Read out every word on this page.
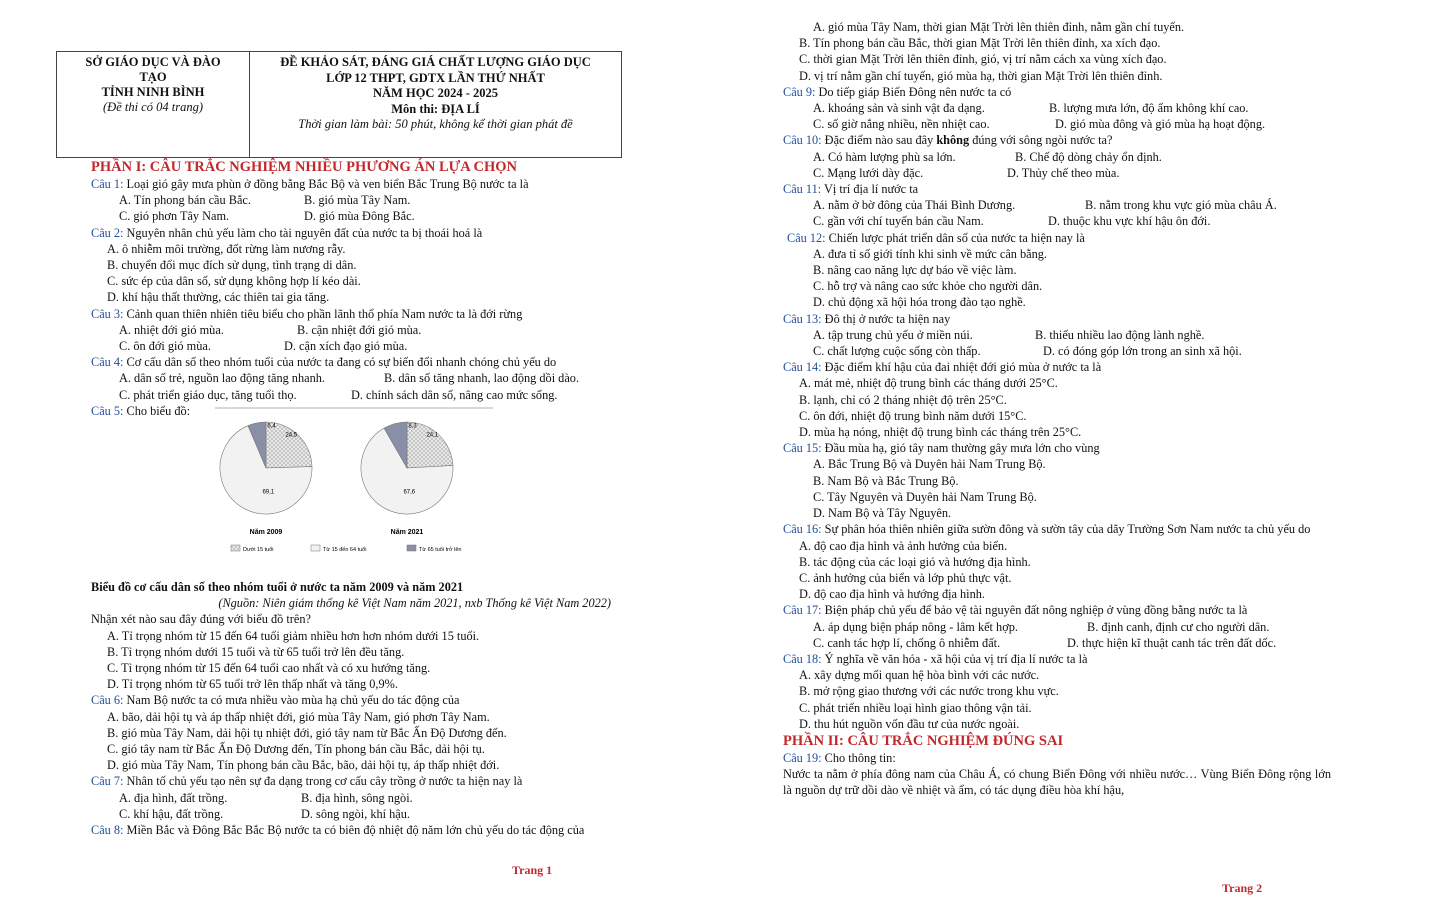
SỞ GIÁO DỤC VÀ ĐÀO
TẠO
TỈNH NINH BÌNH
(Đề thi có 04 trang)
ĐỀ KHẢO SÁT, ĐÁNG GIÁ CHẤT LƯỢNG GIÁO DỤC
LỚP 12 THPT, GDTX LẦN THỨ NHẤT
NĂM HỌC 2024 - 2025
Môn thi: ĐỊA LÍ
Thời gian làm bài: 50 phút, không kể thời gian phát đề
PHẦN I: CÂU TRẮC NGHIỆM NHIỀU PHƯƠNG ÁN LỰA CHỌN
Câu 1: Loại gió gây mưa phùn ở đồng bằng Bắc Bộ và ven biển Bắc Trung Bộ nước ta là
A. Tín phong bán cầu Bắc.	B. gió mùa Tây Nam.
C. gió phơn Tây Nam.	D. gió mùa Đông Bắc.
Câu 2: Nguyên nhân chủ yếu làm cho tài nguyên đất của nước ta bị thoái hoá là
A. ô nhiễm môi trường, đốt rừng làm nương rẫy.
B. chuyển đổi mục đích sử dụng, tình trạng di dân.
C. sức ép của dân số, sử dụng không hợp lí kéo dài.
D. khí hậu thất thường, các thiên tai gia tăng.
Câu 3: Cảnh quan thiên nhiên tiêu biểu cho phần lãnh thổ phía Nam nước ta là đới rừng
A. nhiệt đới gió mùa.	B. cận nhiệt đới gió mùa.
C. ôn đới gió mùa.	D. cận xích đạo gió mùa.
Câu 4: Cơ cấu dân số theo nhóm tuổi của nước ta đang có sự biến đổi nhanh chóng chủ yếu do
A. dân số trẻ, nguồn lao động tăng nhanh.	B. dân số tăng nhanh, lao động dồi dào.
C. phát triển giáo dục, tăng tuổi thọ.	D. chính sách dân số, nâng cao mức sống.
Câu 5: Cho biểu đồ:
24,5
69,1
6,4
24,1
67,6
8,3
Năm 2009	Năm 2021
Dưới 15 tuổi	Từ 15 đến 64 tuổi	Từ 65 tuổi trở lên
Biểu đồ cơ cấu dân số theo nhóm tuổi ở nước ta năm 2009 và năm 2021
(Nguồn: Niên giám thống kê Việt Nam năm 2021, nxb Thống kê Việt Nam 2022)
Nhận xét nào sau đây đúng với biểu đồ trên?
A. Tỉ trọng nhóm từ 15 đến 64 tuổi giảm nhiều hơn hơn nhóm dưới 15 tuổi.
B. Tỉ trọng nhóm dưới 15 tuổi và từ 65 tuổi trở lên đều tăng.
C. Tỉ trọng nhóm từ 15 đến 64 tuổi cao nhất và có xu hướng tăng.
D. Tỉ trọng nhóm từ 65 tuổi trở lên thấp nhất và tăng 0,9%.
Câu 6: Nam Bộ nước ta có mưa nhiều vào mùa hạ chủ yếu do tác động của
A. bão, dải hội tụ và áp thấp nhiệt đới, gió mùa Tây Nam, gió phơn Tây Nam.
B. gió mùa Tây Nam, dải hội tụ nhiệt đới, gió tây nam từ Bắc Ấn Độ Dương đến.
C. gió tây nam từ Bắc Ấn Độ Dương đến, Tín phong bán cầu Bắc, dải hội tụ.
D. gió mùa Tây Nam, Tín phong bán cầu Bắc, bão, dải hội tụ, áp thấp nhiệt đới.
Câu 7: Nhân tố chủ yếu tạo nên sự đa dạng trong cơ cấu cây trồng ở nước ta hiện nay là
A. địa hình, đất trồng.	B. địa hình, sông ngòi.
C. khí hậu, đất trồng.	D. sông ngòi, khí hậu.
Câu 8: Miền Bắc và Đông Bắc Bắc Bộ nước ta có biên độ nhiệt độ năm lớn chủ yếu do tác động của
Trang 1
A. gió mùa Tây Nam, thời gian Mặt Trời lên thiên đỉnh, nằm gần chí tuyến.
B. Tín phong bán cầu Bắc, thời gian Mặt Trời lên thiên đỉnh, xa xích đạo.
C. thời gian Mặt Trời lên thiên đỉnh, gió, vị trí nằm cách xa vùng xích đạo.
D. vị trí nằm gần chí tuyến, gió mùa hạ, thời gian Mặt Trời lên thiên đỉnh.
Câu 9: Do tiếp giáp Biển Đông nên nước ta có
A. khoáng sản và sinh vật đa dạng.	B. lượng mưa lớn, độ ẩm không khí cao.
C. số giờ nắng nhiều, nền nhiệt cao.	D. gió mùa đông và gió mùa hạ hoạt động.
Câu 10: Đặc điểm nào sau đây không đúng với sông ngòi nước ta?
A. Có hàm lượng phù sa lớn.	B. Chế độ dòng chảy ổn định.
C. Mạng lưới dày đặc.	D. Thủy chế theo mùa.
Câu 11: Vị trí địa lí nước ta
A. nằm ở bờ đông của Thái Bình Dương.	B. nằm trong khu vực gió mùa châu Á.
C. gần với chí tuyến bán cầu Nam.	D. thuộc khu vực khí hậu ôn đới.
Câu 12: Chiến lược phát triển dân số của nước ta hiện nay là
A. đưa tỉ số giới tính khi sinh về mức cân bằng.
B. nâng cao năng lực dự báo về việc làm.
C. hỗ trợ và nâng cao sức khỏe cho người dân.
D. chủ động xã hội hóa trong đào tạo nghề.
Câu 13: Đô thị ở nước ta hiện nay
A. tập trung chủ yếu ở miền núi.	B. thiếu nhiều lao động lành nghề.
C. chất lượng cuộc sống còn thấp.	D. có đóng góp lớn trong an sinh xã hội.
Câu 14: Đặc điểm khí hậu của đai nhiệt đới gió mùa ở nước ta là
A. mát mẻ, nhiệt độ trung bình các tháng dưới 25°C.
B. lạnh, chỉ có 2 tháng nhiệt độ trên 25°C.
C. ôn đới, nhiệt độ trung bình năm dưới 15°C.
D. mùa hạ nóng, nhiệt độ trung bình các tháng trên 25°C.
Câu 15: Đầu mùa hạ, gió tây nam thường gây mưa lớn cho vùng
A. Bắc Trung Bộ và Duyên hải Nam Trung Bộ.
B. Nam Bộ và Bắc Trung Bộ.
C. Tây Nguyên và Duyên hải Nam Trung Bộ.
D. Nam Bộ và Tây Nguyên.
Câu 16: Sự phân hóa thiên nhiên giữa sườn đông và sườn tây của dãy Trường Sơn Nam nước ta chủ yếu do
A. độ cao địa hình và ảnh hưởng của biển.
B. tác động của các loại gió và hướng địa hình.
C. ảnh hưởng của biển và lớp phủ thực vật.
D. độ cao địa hình và hướng địa hình.
Câu 17: Biện pháp chủ yếu để bảo vệ tài nguyên đất nông nghiệp ở vùng đồng bằng nước ta là
A. áp dụng biện pháp nông - lâm kết hợp.	B. định canh, định cư cho người dân.
C. canh tác hợp lí, chống ô nhiễm đất.	D. thực hiện kĩ thuật canh tác trên đất dốc.
Câu 18: Ý nghĩa về văn hóa - xã hội của vị trí địa lí nước ta là
A. xây dựng mối quan hệ hòa bình với các nước.
B. mở rộng giao thương với các nước trong khu vực.
C. phát triển nhiều loại hình giao thông vận tải.
D. thu hút nguồn vốn đầu tư của nước ngoài.
PHẦN II: CÂU TRẮC NGHIỆM ĐÚNG SAI
Câu 19: Cho thông tin:
Nước ta nằm ở phía đông nam của Châu Á, có chung Biển Đông với nhiều nước… Vùng Biển Đông rộng lớn là nguồn dự trữ dồi dào về nhiệt và ẩm, có tác dụng điều hòa khí hậu,
Trang 2
